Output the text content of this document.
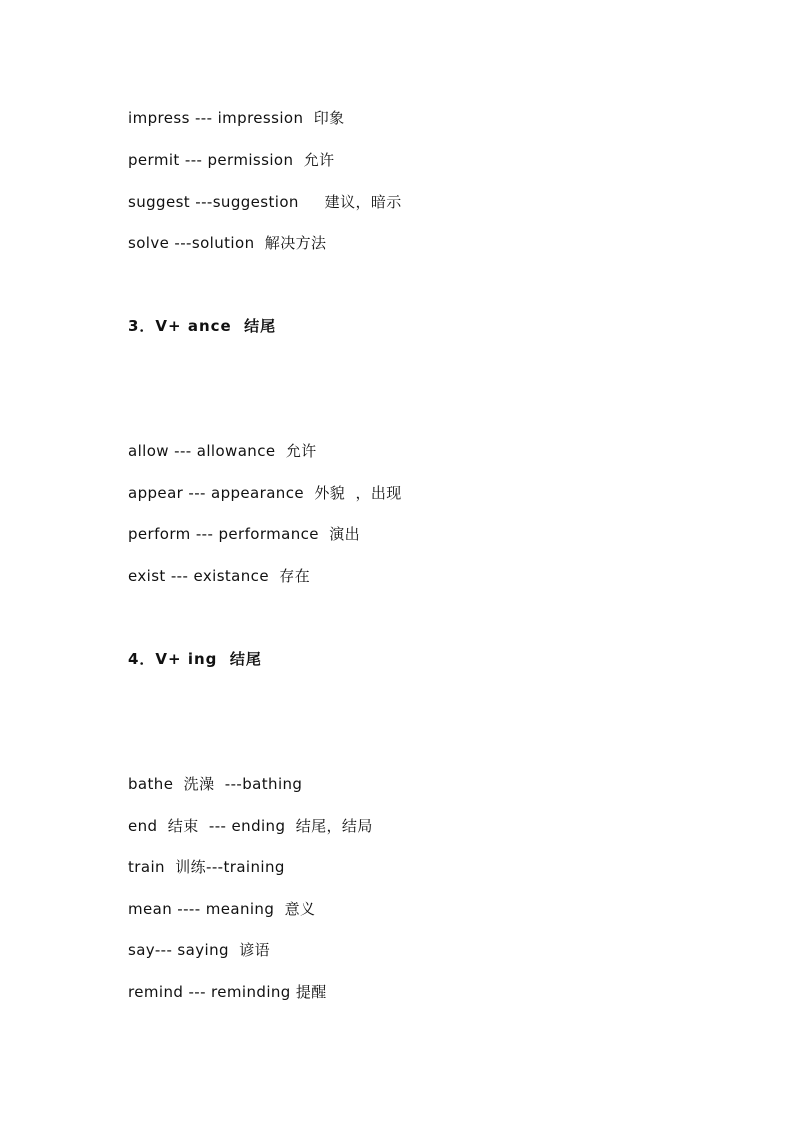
impress --- impression  印象
permit --- permission  允许
suggest ---suggestion     建议，暗示
solve ---solution  解决方法
3．V+ ance  结尾
allow --- allowance  允许
appear --- appearance  外貌  ，出现
perform --- performance  演出
exist --- existance  存在
4．V+ ing  结尾
bathe  洗澡  ---bathing
end  结束  --- ending  结尾，结局
train  训练---training
mean ---- meaning  意义
say--- saying  谚语
remind --- reminding 提醒
